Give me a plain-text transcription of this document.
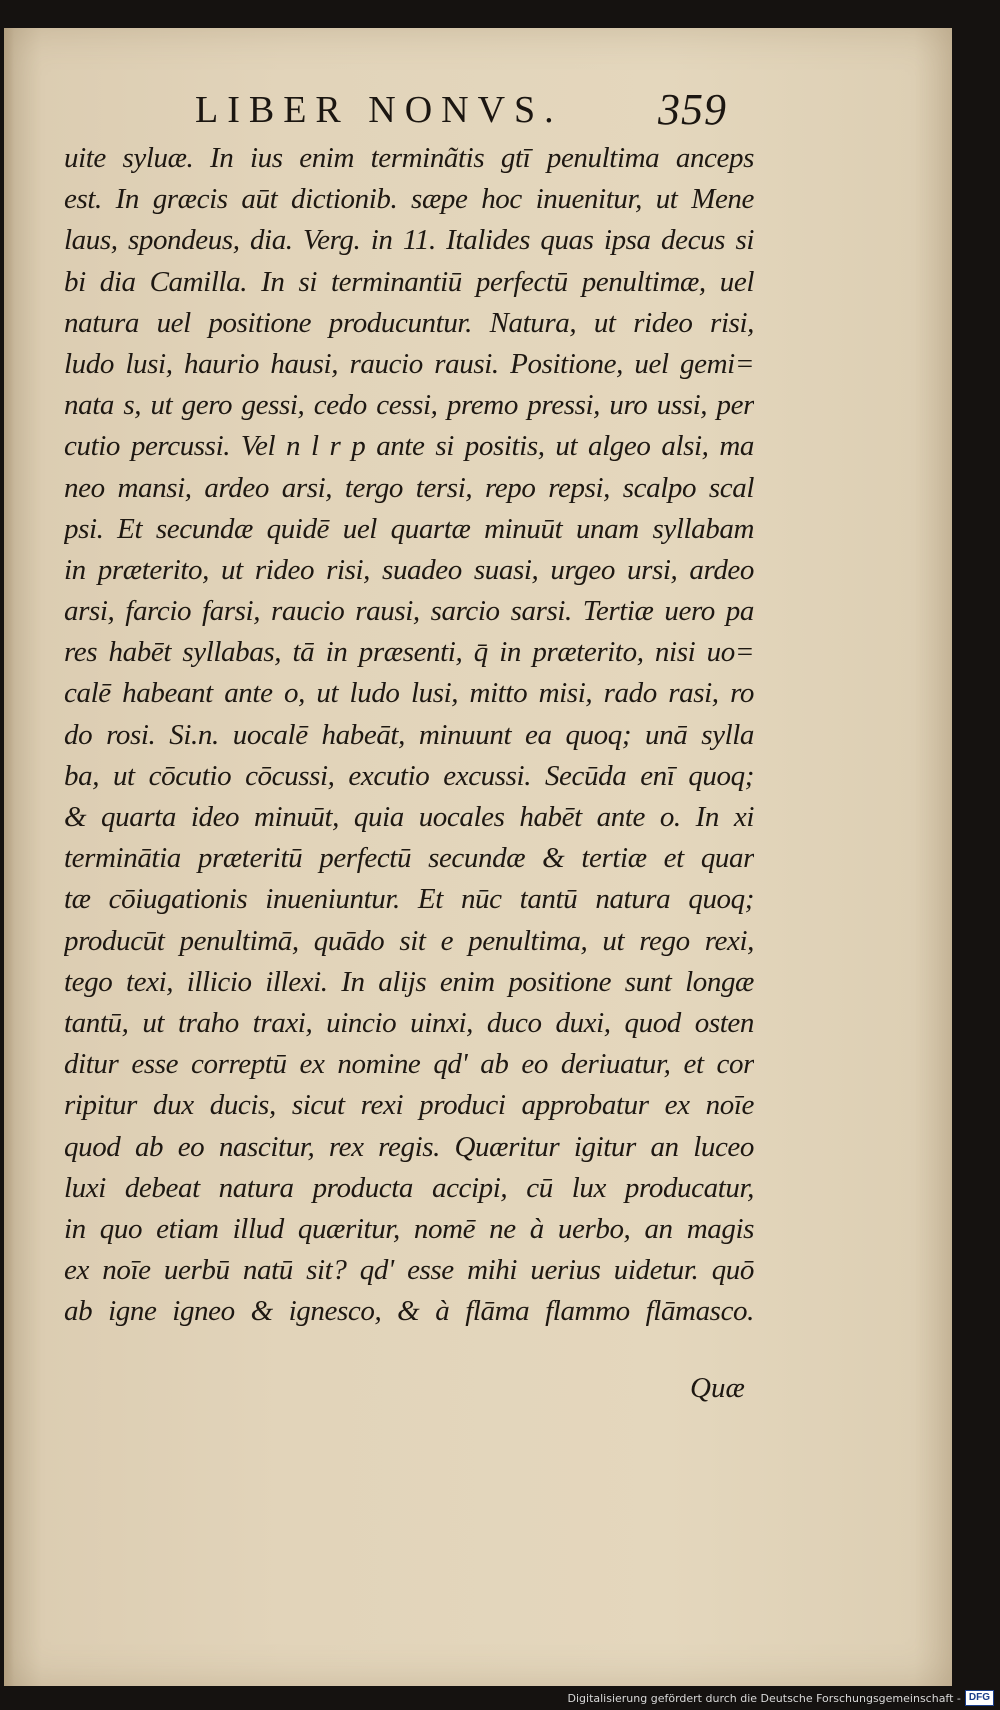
LIBER NONVS.	359
uite syluæ. In ius enim terminãtis gtī penultima anceps
est. In græcis aūt dictionib. sæpe hoc inuenitur, ut Mene
laus, spondeus, dia. Verg. in 11. Italides quas ipsa decus si
bi dia Camilla. In si terminantiū perfectū penultimæ, uel
natura uel positione producuntur. Natura, ut rideo risi,
ludo lusi, haurio hausi, raucio rausi. Positione, uel gemi=
nata s, ut gero gessi, cedo cessi, premo pressi, uro ussi, per
cutio percussi. Vel n l r p ante si positis, ut algeo alsi, ma
neo mansi, ardeo arsi, tergo tersi, repo repsi, scalpo scal
psi. Et secundæ quidē uel quartæ minuūt unam syllabam
in præterito, ut rideo risi, suadeo suasi, urgeo ursi, ardeo
arsi, farcio farsi, raucio rausi, sarcio sarsi. Tertiæ uero pa
res habēt syllabas, tā in præsenti, q̄ in præterito, nisi uo=
calē habeant ante o, ut ludo lusi, mitto misi, rado rasi, ro
do rosi. Si.n. uocalē habeāt, minuunt ea quoq; unā sylla
ba, ut cōcutio cōcussi, excutio excussi. Secūda enī quoq;
& quarta ideo minuūt, quia uocales habēt ante o. In xi
terminātia præteritū perfectū secundæ & tertiæ et quar
tæ cōiugationis inueniuntur. Et nūc tantū natura quoq;
producūt penultimā, quādo sit e penultima, ut rego rexi,
tego texi, illicio illexi. In alijs enim positione sunt longæ
tantū, ut traho traxi, uincio uinxi, duco duxi, quod osten
ditur esse correptū ex nomine qd' ab eo deriuatur, et cor
ripitur dux ducis, sicut rexi produci approbatur ex noīe
quod ab eo nascitur, rex regis. Quæritur igitur an luceo
luxi debeat natura producta accipi, cū lux producatur,
in quo etiam illud quæritur, nomē ne à uerbo, an magis
ex noīe uerbū natū sit? qd' esse mihi uerius uidetur. quō
ab igne igneo & ignesco, & à flāma flammo flāmasco.
Quæ
Digitalisierung gefördert durch die Deutsche Forschungsgemeinschaft - DFG
